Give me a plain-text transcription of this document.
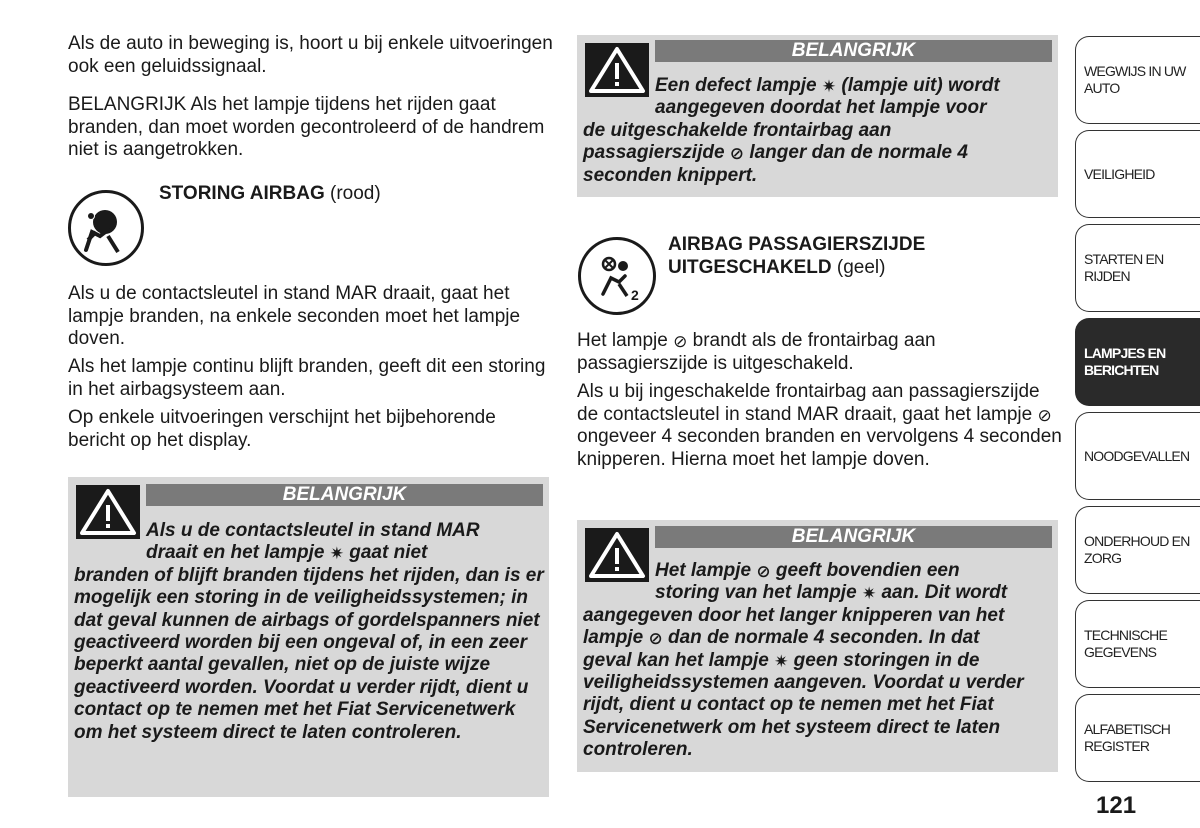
Als de auto in beweging is, hoort u bij enkele uitvoeringen ook een geluidssignaal.

BELANGRIJK Als het lampje tijdens het rijden gaat branden, dan moet worden gecontroleerd of de handrem niet is aangetrokken.

STORING AIRBAG (rood)

Als u de contactsleutel in stand MAR draait, gaat het lampje branden, na enkele seconden moet het lampje doven.

Als het lampje continu blijft branden, geeft dit een storing in het airbagsysteem aan.

Op enkele uitvoeringen verschijnt het bijbehorende bericht op het display.

BELANGRIJK

Als u de contactsleutel in stand MAR
draait en het lampje ✷ gaat niet
branden of blijft branden tijdens het rijden, dan is er mogelijk een storing in de veiligheidssystemen; in dat geval kunnen de airbags of gordelspanners niet geactiveerd worden bij een ongeval of, in een zeer beperkt aantal gevallen, niet op de juiste wijze geactiveerd worden. Voordat u verder rijdt, dient u contact op te nemen met het Fiat Servicenetwerk om het systeem direct te laten controleren.

BELANGRIJK

Een defect lampje ✷ (lampje uit) wordt
aangegeven doordat het lampje voor
de uitgeschakelde frontairbag aan
passagierszijde ⊘ langer dan de normale 4
seconden knippert.

2
AIRBAG PASSAGIERSZIJDE
UITGESCHAKELD (geel)

Het lampje ⊘ brandt als de frontairbag aan passagierszijde is uitgeschakeld.

Als u bij ingeschakelde frontairbag aan passagierszijde de contactsleutel in stand MAR draait, gaat het lampje ⊘ ongeveer 4 seconden branden en vervolgens 4 seconden knipperen. Hierna moet het lampje doven.

BELANGRIJK

Het lampje ⊘ geeft bovendien een
storing van het lampje ✷ aan. Dit wordt
aangegeven door het langer knipperen van het
lampje ⊘ dan de normale 4 seconden. In dat
geval kan het lampje ✷ geen storingen in de
veiligheidssystemen aangeven. Voordat u verder rijdt, dient u contact op te nemen met het Fiat Servicenetwerk om het systeem direct te laten controleren.

WEGWIJS IN UW AUTO
VEILIGHEID
STARTEN EN RIJDEN
LAMPJES EN BERICHTEN
NOODGEVALLEN
ONDERHOUD EN ZORG
TECHNISCHE GEGEVENS
ALFABETISCH REGISTER
121
